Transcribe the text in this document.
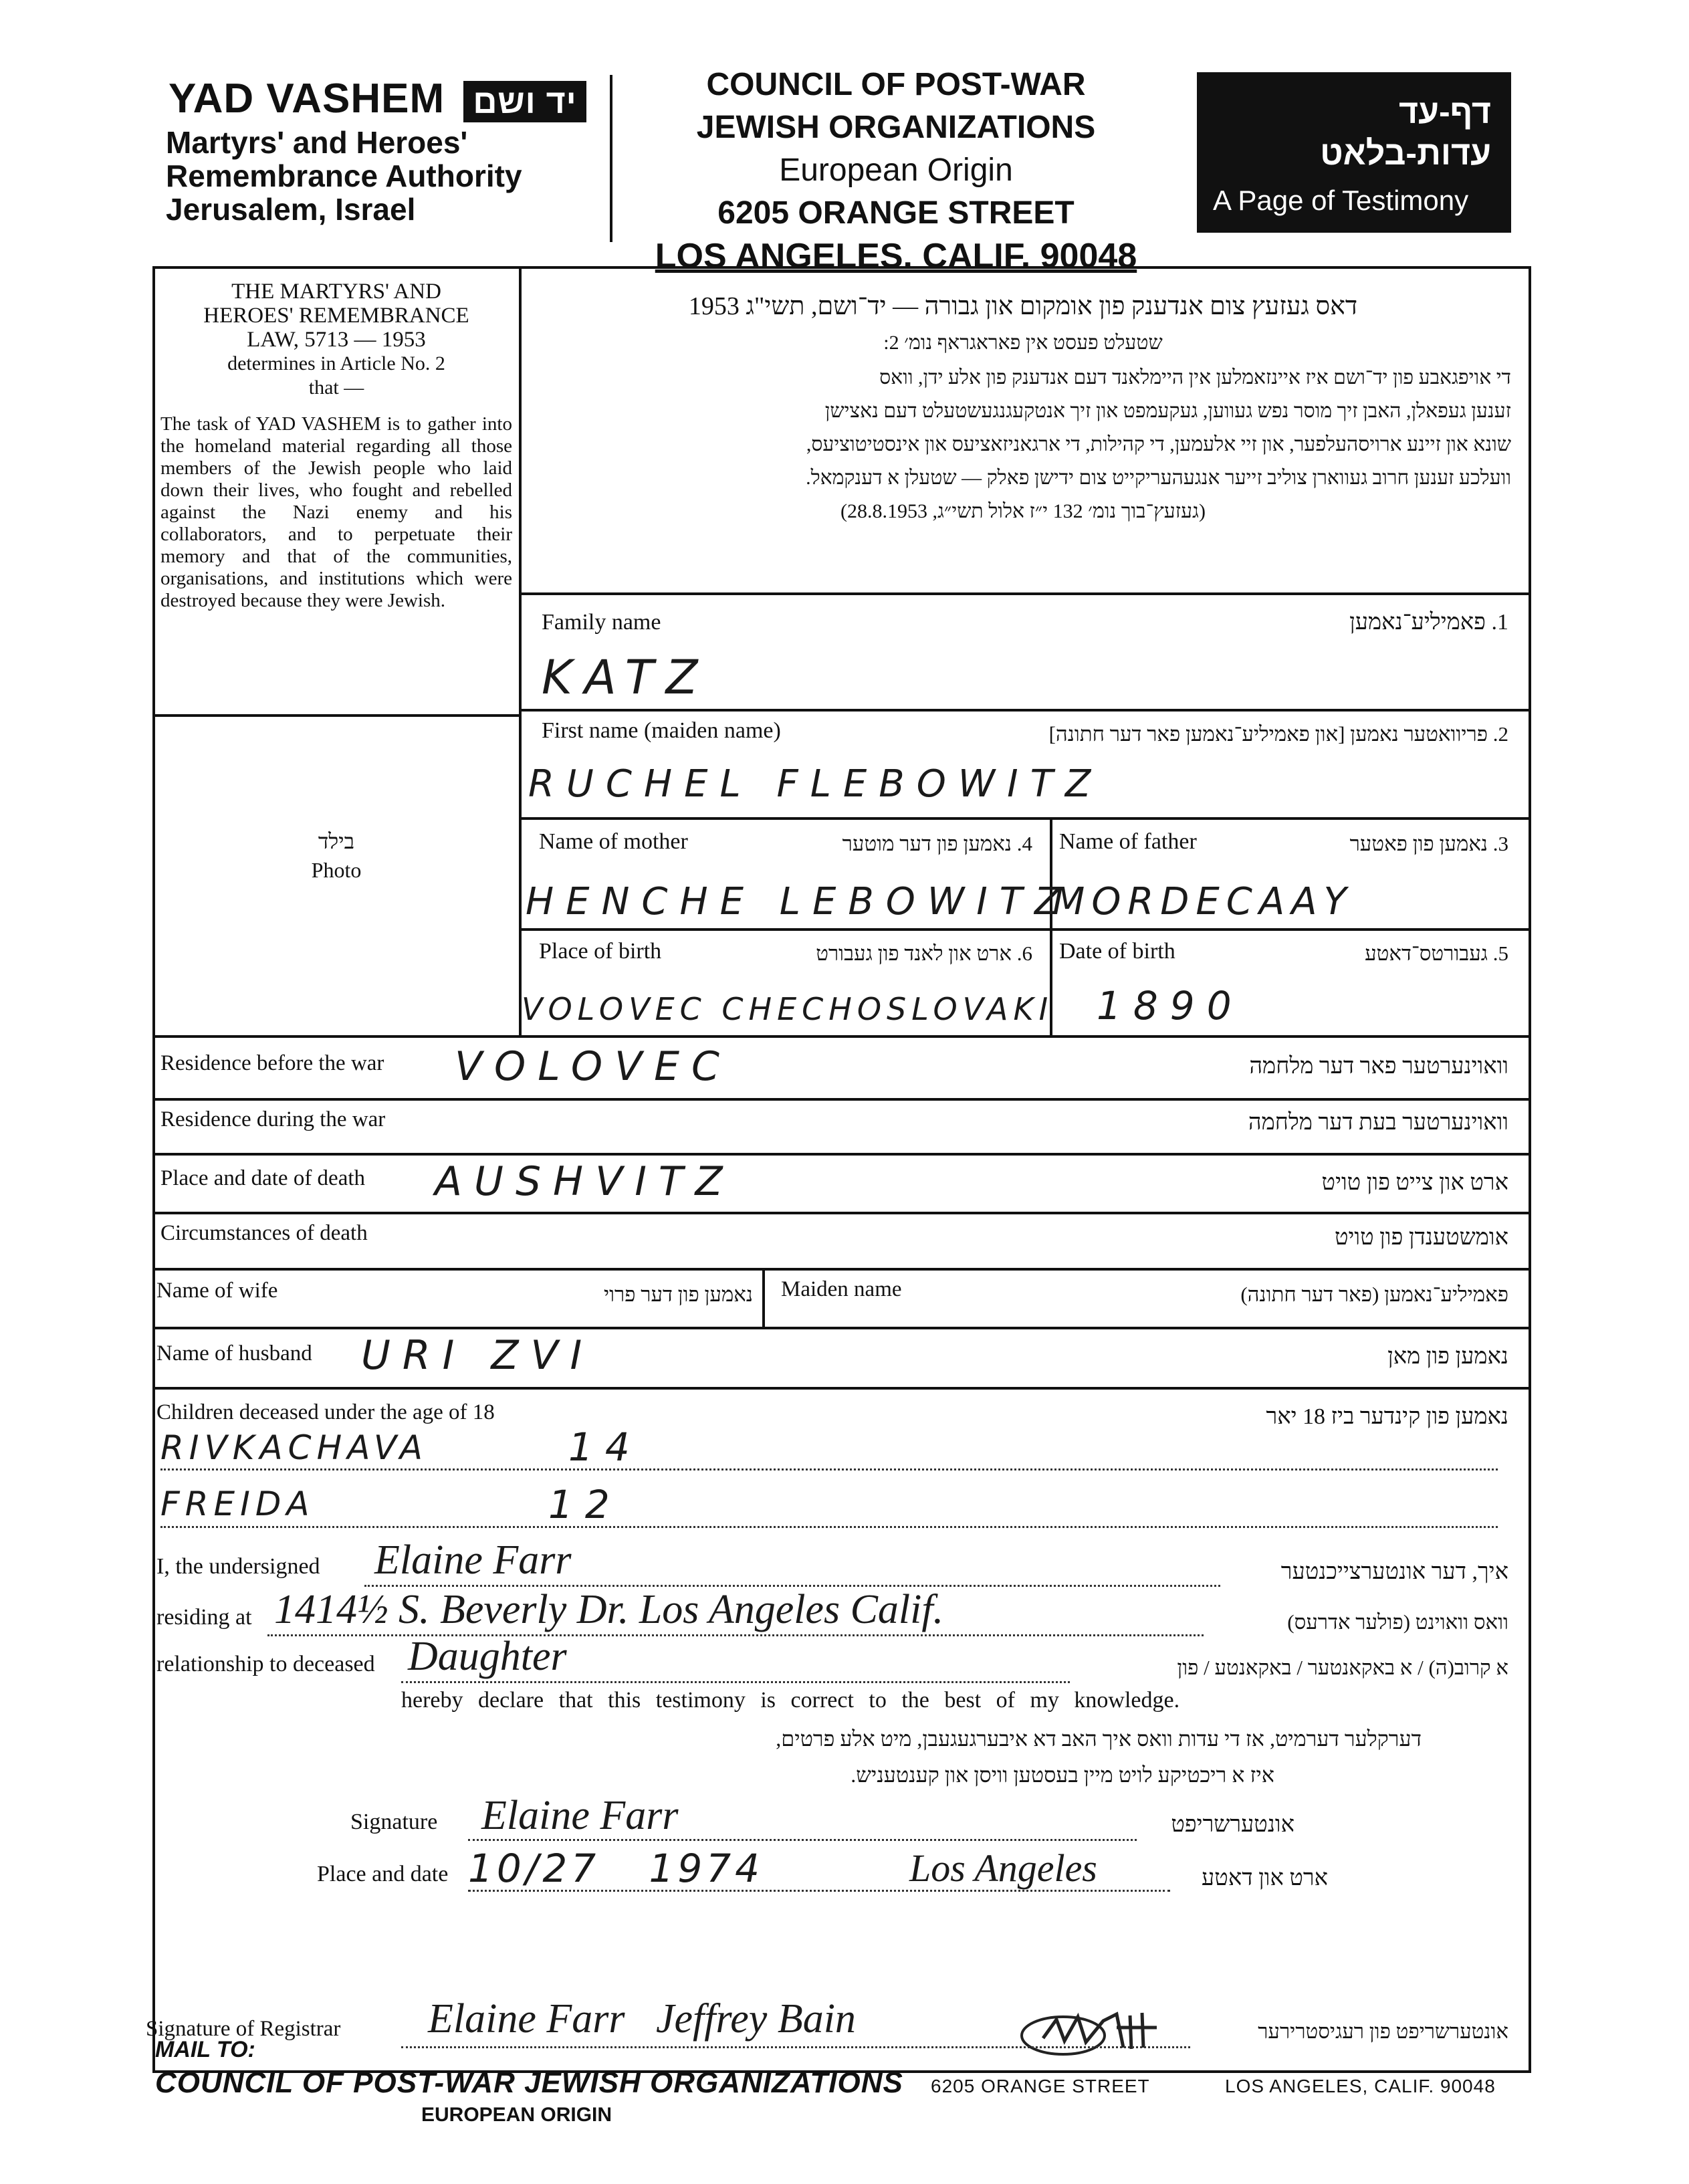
YAD VASHEM יד ושם
Martyrs' and Heroes'
Remembrance Authority
Jerusalem, Israel
COUNCIL OF POST-WAR
JEWISH ORGANIZATIONS
European Origin
6205 ORANGE STREET
LOS ANGELES. CALIF. 90048
דף-עד
עדות-בלאט
A Page of Testimony
THE MARTYRS' AND
HEROES' REMEMBRANCE
LAW, 5713 — 1953
determines in Article No. 2
that —
The task of YAD VASHEM is to gather into the homeland material regarding all those members of the Jewish people who laid down their lives, who fought and rebelled against the Nazi enemy and his collaborators, and to perpetuate their memory and that of the communities, organisations, and institutions which were destroyed because they were Jewish.
דאס געזעץ צום אנדענק פון אומקום און גבורה — יד־ושם, תשי"ג 1953
שטעלט פעסט אין פאראגראף נומ׳ 2:
די אויפגאבע פון יד־ושם איז איינזאמלען אין היימלאנד דעם אנדענק פון אלע ידן, וואס
זענען געפאלן, האבן זיך מוסר נפש געווען, געקעמפט און זיך אנטקעגנגעשטעלט דעם נאצישן
שונא און זיינע ארויסהעלפער, און זיי אלעמען, די קהילות, די ארגאניזאציעס און אינסטיטוציעס,
וועלכע זענען חרוב געווארן צוליב זייער אנגעהעריקייט צום ידישן פאלק — שטעלן א דענקמאל.
(געזעץ־בוך נומ׳ 132 י״ז אלול תשי״ג, 28.8.1953)
בילד
Photo
Family name	1. פאמיליע־נאמען
KATZ
First name (maiden name)	2. פריוואטער נאמען [און פאמיליע־נאמען פאר דער חתונה]
RUCHEL FLEBOWITZ
Name of mother	4. נאמען פון דער מוטער
HENCHE LEBOWITZ
Name of father	3. נאמען פון פאטער
MORDECAAY
Place of birth	6. ארט און לאנד פון געבורט
VOLOVEC CHECHOSLOVAKI
Date of birth	5. געבורטס־דאטע
1890
Residence before the war	וואוינערטער פאר דער מלחמה
VOLOVEC
Residence during the war	וואוינערטער בעת דער מלחמה
Place and date of death	ארט און צייט פון טויט
AUSHVITZ
Circumstances of death	אומשטענדן פון טויט
Name of wife	נאמען פון דער פרוי Maiden name	פאמיליע־נאמען (פאר דער חתונה)
Name of husband	נאמען פון מאן
URI ZVI
Children deceased under the age of 18	נאמען פון קינדער ביז 18 יאר
RIVKACHAVA	14
FREIDA	12
I, the undersigned Elaine Farr	איך, דער אונטערצייכנטער
residing at 1414½ S. Beverly Dr. Los Angeles Calif.	וואס וואוינט (פולער אדרעס)
relationship to deceased Daughter	א קרוב(ה) / א באקאנטער / באקאנטע / פון
hereby declare that this testimony is correct to the best of my knowledge.
דערקלער דערמיט, אז די עדות וואס איך האב דא איבערגעגעבן, מיט אלע פרטים,
איז א ריכטיקע לויט מיין בעסטען וויסן און קענטעניש.
Signature Elaine Farr	אונטערשריפט
Place and date 10/27   1974	Los Angeles	ארט און דאטע
Signature of Registrar Elaine Farr   Jeffrey Bain	אונטערשריפט פון רעגיסטרירער
MAIL TO:
COUNCIL OF POST-WAR JEWISH ORGANIZATIONS 6205 ORANGE STREET	LOS ANGELES, CALIF. 90048
EUROPEAN ORIGIN
